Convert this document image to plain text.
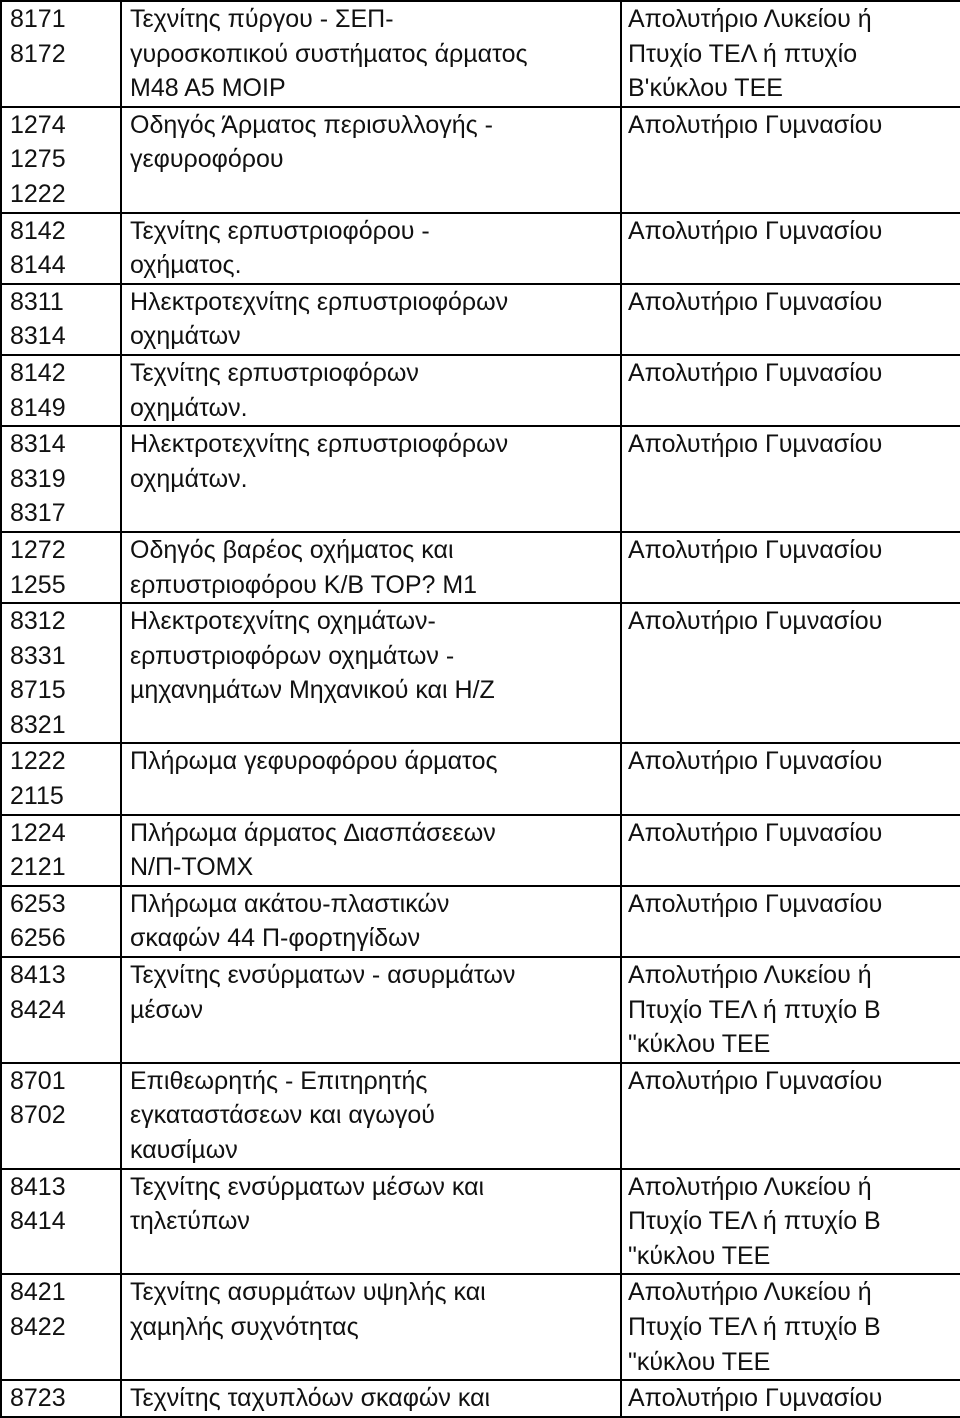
8171
8172	Τεχνίτης πύργου - ΣΕΠ-
γυροσκοπικού συστήµατος άρµατος
Μ48 Α5 MOIP	Απολυτήριο Λυκείου ή
Πτυχίο ΤΕΛ ή πτυχίο
Β'κύκλου ΤΕΕ

1274
1275
1222	Οδηγός Άρµατος περισυλλογής -
γεφυροφόρου	Απολυτήριο Γυµνασίου

8142
8144	Τεχνίτης ερπυστριοφόρου -
οχήµατος.	Απολυτήριο Γυµνασίου

8311
8314	Ηλεκτροτεχνίτης ερπυστριοφόρων
οχηµάτων	Απολυτήριο Γυµνασίου

8142
8149	Τεχνίτης ερπυστριοφόρων
οχηµάτων.	Απολυτήριο Γυµνασίου

8314
8319
8317	Ηλεκτροτεχνίτης ερπυστριοφόρων
οχηµάτων.	Απολυτήριο Γυµνασίου

1272
1255	Οδηγός βαρέος οχήµατος και
ερπυστριοφόρου Κ/Β ΤΟΡ? Μ1	Απολυτήριο Γυµνασίου

8312
8331
8715
8321	Ηλεκτροτεχνίτης οχηµάτων-
ερπυστριοφόρων οχηµάτων -
µηχανηµάτων Μηχανικού και Η/Ζ	Απολυτήριο Γυµνασίου

1222
2115	Πλήρωµα γεφυροφόρου άρµατος	Απολυτήριο Γυµνασίου

1224
2121	Πλήρωµα άρµατος ∆ιασπάσεεων
Ν/Π-ΤΟΜΧ	Απολυτήριο Γυµνασίου

6253
6256	Πλήρωµα ακάτου-πλαστικών
σκαφών 44 Π-φορτηγίδων	Απολυτήριο Γυµνασίου

8413
8424	Τεχνίτης ενσύρµατων - ασυρµάτων
µέσων	Απολυτήριο Λυκείου ή
Πτυχίο ΤΕΛ ή πτυχίο Β
"κύκλου ΤΕΕ

8701
8702	Επιθεωρητής - Επιτηρητής
εγκαταστάσεων και αγωγού
καυσίµων	Απολυτήριο Γυµνασίου

8413
8414	Τεχνίτης ενσύρµατων µέσων και
τηλετύπων	Απολυτήριο Λυκείου ή
Πτυχίο ΤΕΛ ή πτυχίο Β
"κύκλου ΤΕΕ

8421
8422	Τεχνίτης ασυρµάτων υψηλής και
χαµηλής συχνότητας	Απολυτήριο Λυκείου ή
Πτυχίο ΤΕΛ ή πτυχίο Β
"κύκλου ΤΕΕ

8723	Τεχνίτης ταχυπλόων σκαφών και	Απολυτήριο Γυµνασίου
